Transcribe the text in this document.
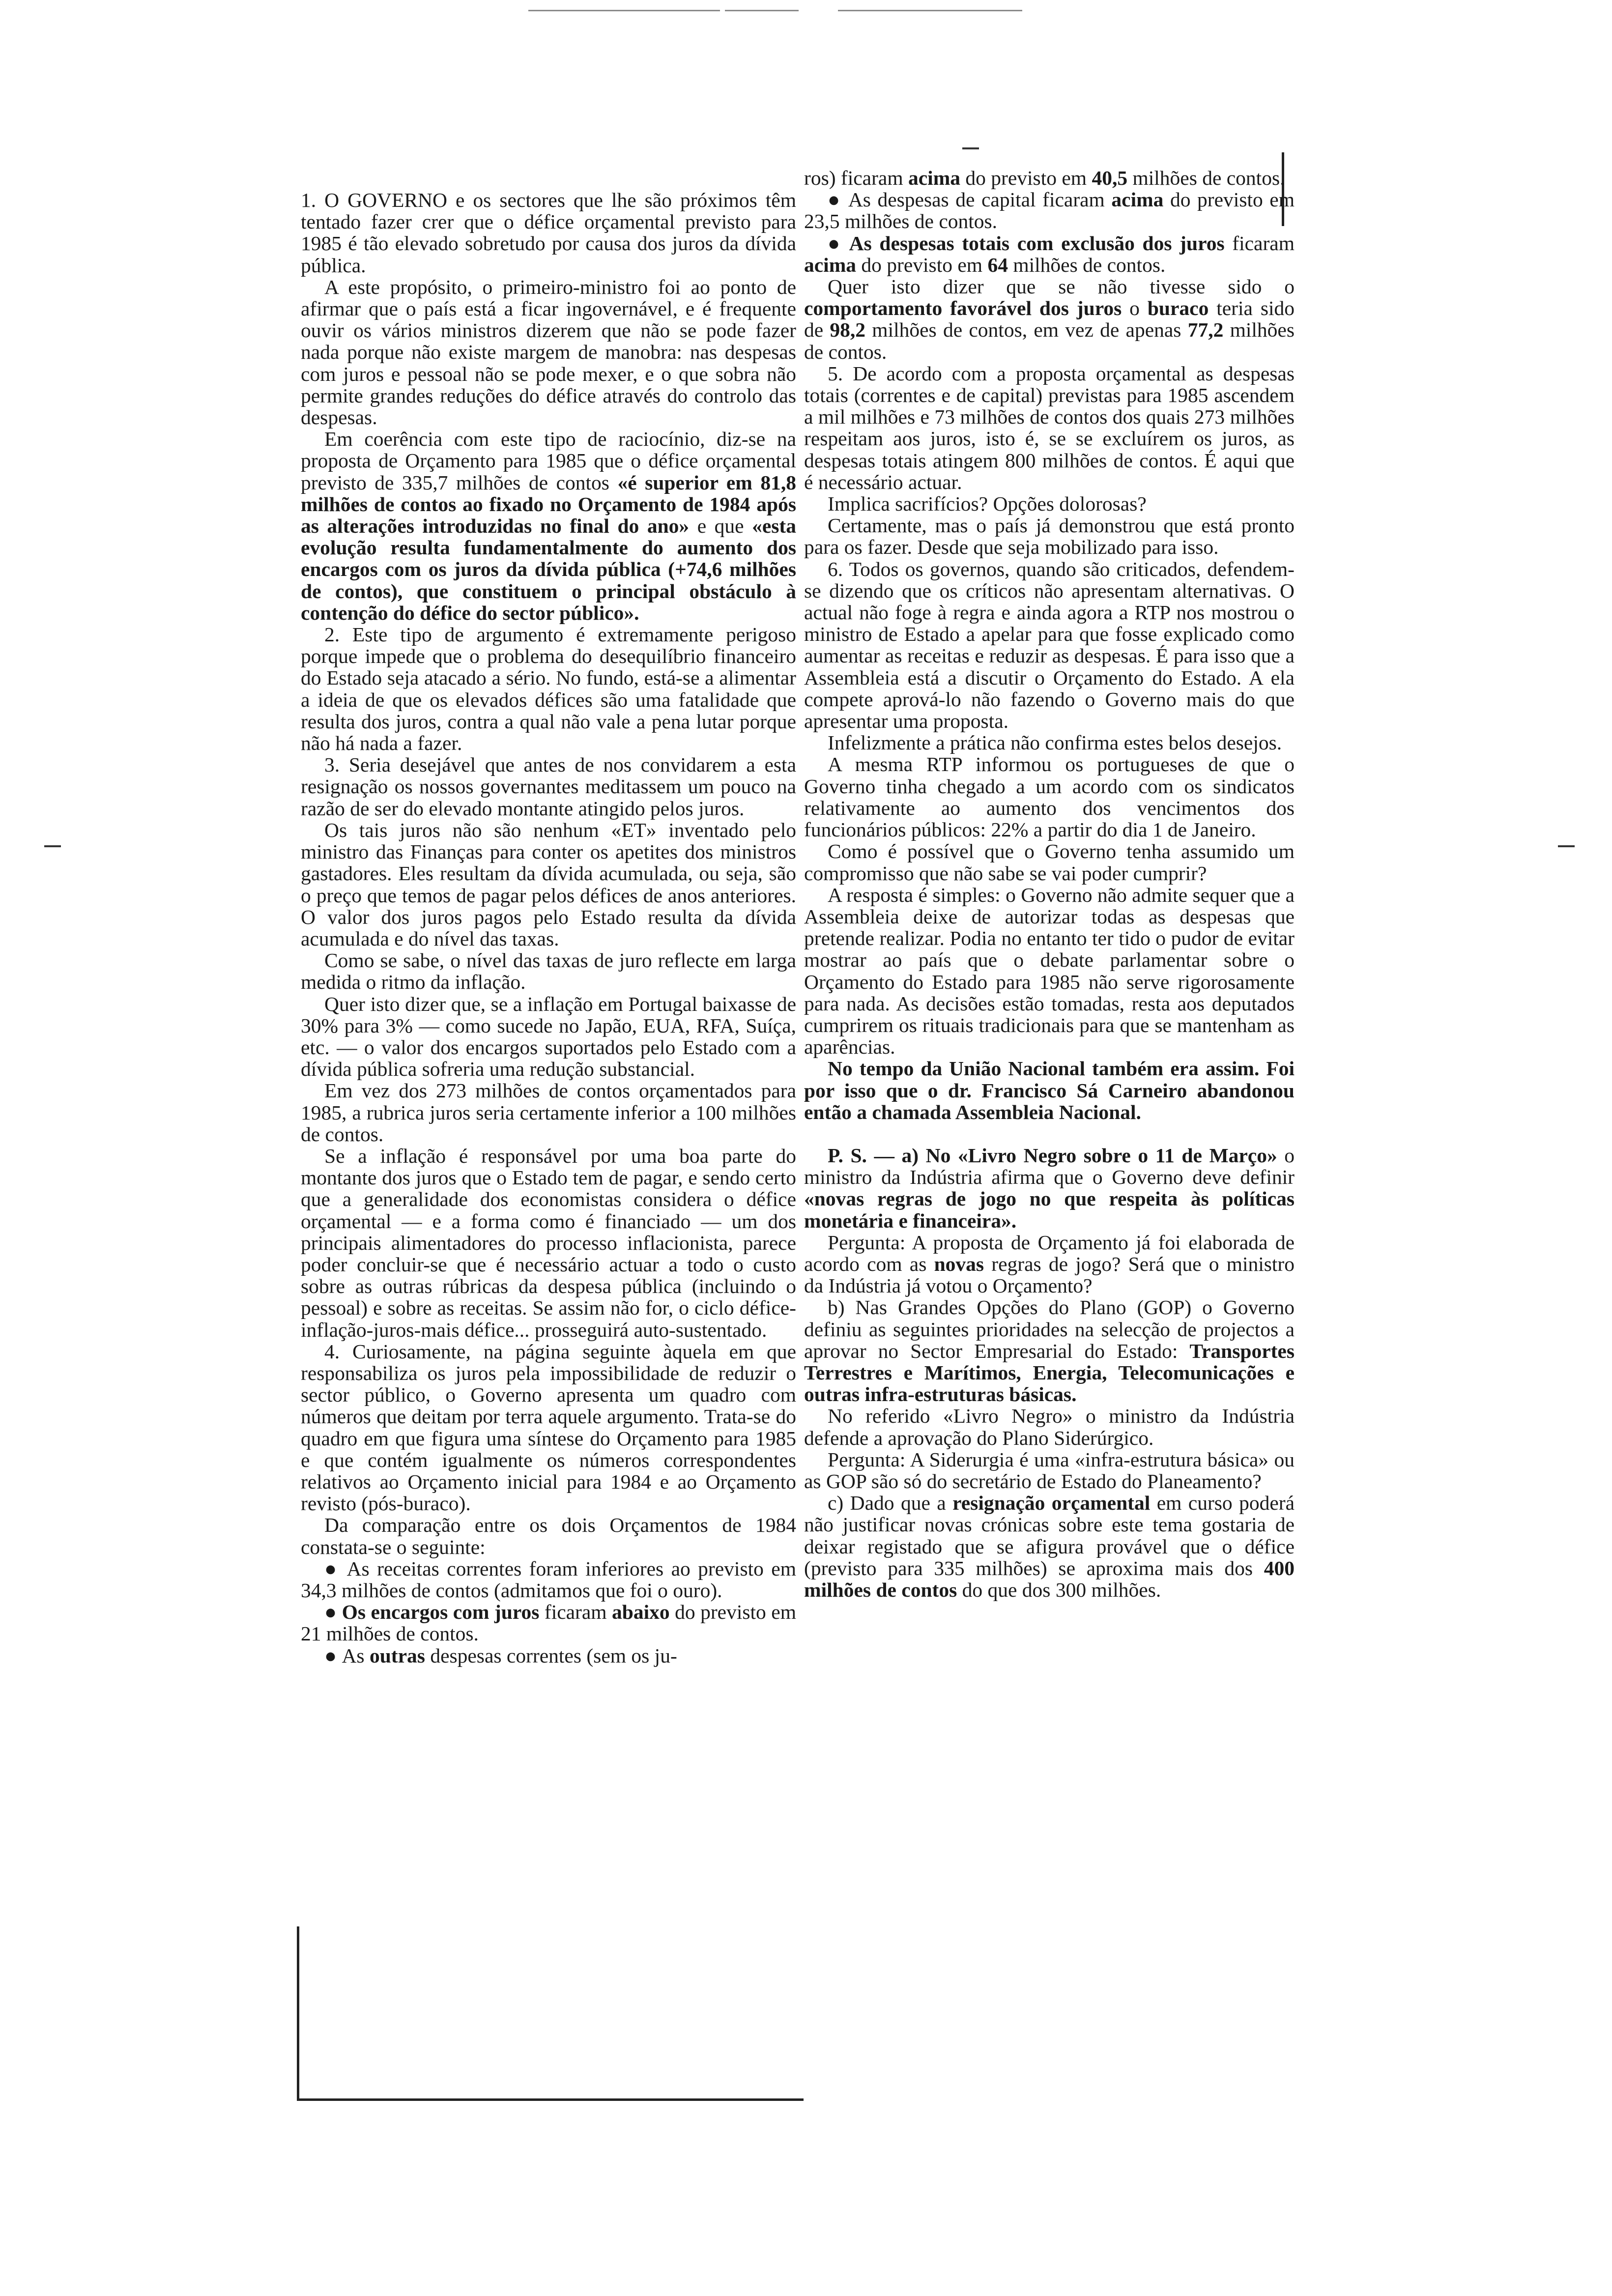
1. O GOVERNO e os sectores que lhe são próximos têm tentado fazer crer que o défice orçamental previsto para 1985 é tão elevado sobretudo por causa dos juros da dívida pública.

A este propósito, o primeiro-ministro foi ao ponto de afirmar que o país está a ficar ingovernável, e é frequente ouvir os vários ministros dizerem que não se pode fazer nada porque não existe margem de manobra: nas despesas com juros e pessoal não se pode mexer, e o que sobra não permite grandes reduções do défice através do controlo das despesas.

Em coerência com este tipo de raciocínio, diz-se na proposta de Orçamento para 1985 que o défice orçamental previsto de 335,7 milhões de contos «é superior em 81,8 milhões de contos ao fixado no Orçamento de 1984 após as alterações introduzidas no final do ano» e que «esta evolução resulta fundamentalmente do aumento dos encargos com os juros da dívida pública (+74,6 milhões de contos), que constituem o principal obstáculo à contenção do défice do sector público».

2. Este tipo de argumento é extremamente perigoso porque impede que o problema do desequilíbrio financeiro do Estado seja atacado a sério. No fundo, está-se a alimentar a ideia de que os elevados défices são uma fatalidade que resulta dos juros, contra a qual não vale a pena lutar porque não há nada a fazer.

3. Seria desejável que antes de nos convidarem a esta resignação os nossos governantes meditassem um pouco na razão de ser do elevado montante atingido pelos juros.

Os tais juros não são nenhum «ET» inventado pelo ministro das Finanças para conter os apetites dos ministros gastadores. Eles resultam da dívida acumulada, ou seja, são o preço que temos de pagar pelos défices de anos anteriores. O valor dos juros pagos pelo Estado resulta da dívida acumulada e do nível das taxas.

Como se sabe, o nível das taxas de juro reflecte em larga medida o ritmo da inflação.

Quer isto dizer que, se a inflação em Portugal baixasse de 30% para 3% — como sucede no Japão, EUA, RFA, Suíça, etc. — o valor dos encargos suportados pelo Estado com a dívida pública sofreria uma redução substancial.

Em vez dos 273 milhões de contos orçamentados para 1985, a rubrica juros seria certamente inferior a 100 milhões de contos.

Se a inflação é responsável por uma boa parte do montante dos juros que o Estado tem de pagar, e sendo certo que a generalidade dos economistas considera o défice orçamental — e a forma como é financiado — um dos principais alimentadores do processo inflacionista, parece poder concluir-se que é necessário actuar a todo o custo sobre as outras rúbricas da despesa pública (incluindo o pessoal) e sobre as receitas. Se assim não for, o ciclo défice-inflação-juros-mais défice... prosseguirá auto-sustentado.

4. Curiosamente, na página seguinte àquela em que responsabiliza os juros pela impossibilidade de reduzir o sector público, o Governo apresenta um quadro com números que deitam por terra aquele argumento. Trata-se do quadro em que figura uma síntese do Orçamento para 1985 e que contém igualmente os números correspondentes relativos ao Orçamento inicial para 1984 e ao Orçamento revisto (pós-buraco).

Da comparação entre os dois Orçamentos de 1984 constata-se o seguinte:

● As receitas correntes foram inferiores ao previsto em 34,3 milhões de contos (admitamos que foi o ouro).

● Os encargos com juros ficaram abaixo do previsto em 21 milhões de contos.

● As outras despesas correntes (sem os ju-

ros) ficaram acima do previsto em 40,5 milhões de contos.

● As despesas de capital ficaram acima do previsto em 23,5 milhões de contos.

● As despesas totais com exclusão dos juros ficaram acima do previsto em 64 milhões de contos.

Quer isto dizer que se não tivesse sido o comportamento favorável dos juros o buraco teria sido de 98,2 milhões de contos, em vez de apenas 77,2 milhões de contos.

5. De acordo com a proposta orçamental as despesas totais (correntes e de capital) previstas para 1985 ascendem a mil milhões e 73 milhões de contos dos quais 273 milhões respeitam aos juros, isto é, se se excluírem os juros, as despesas totais atingem 800 milhões de contos. É aqui que é necessário actuar.

Implica sacrifícios? Opções dolorosas?

Certamente, mas o país já demonstrou que está pronto para os fazer. Desde que seja mobilizado para isso.

6. Todos os governos, quando são criticados, defendem-se dizendo que os críticos não apresentam alternativas. O actual não foge à regra e ainda agora a RTP nos mostrou o ministro de Estado a apelar para que fosse explicado como aumentar as receitas e reduzir as despesas. É para isso que a Assembleia está a discutir o Orçamento do Estado. A ela compete aprová-lo não fazendo o Governo mais do que apresentar uma proposta.

Infelizmente a prática não confirma estes belos desejos.

A mesma RTP informou os portugueses de que o Governo tinha chegado a um acordo com os sindicatos relativamente ao aumento dos vencimentos dos funcionários públicos: 22% a partir do dia 1 de Janeiro.

Como é possível que o Governo tenha assumido um compromisso que não sabe se vai poder cumprir?

A resposta é simples: o Governo não admite sequer que a Assembleia deixe de autorizar todas as despesas que pretende realizar. Podia no entanto ter tido o pudor de evitar mostrar ao país que o debate parlamentar sobre o Orçamento do Estado para 1985 não serve rigorosamente para nada. As decisões estão tomadas, resta aos deputados cumprirem os rituais tradicionais para que se mantenham as aparências.

No tempo da União Nacional também era assim. Foi por isso que o dr. Francisco Sá Carneiro abandonou então a chamada Assembleia Nacional.

P. S. — a) No «Livro Negro sobre o 11 de Março» o ministro da Indústria afirma que o Governo deve definir «novas regras de jogo no que respeita às políticas monetária e financeira».

Pergunta: A proposta de Orçamento já foi elaborada de acordo com as novas regras de jogo? Será que o ministro da Indústria já votou o Orçamento?

b) Nas Grandes Opções do Plano (GOP) o Governo definiu as seguintes prioridades na selecção de projectos a aprovar no Sector Empresarial do Estado: Transportes Terrestres e Marítimos, Energia, Telecomunicações e outras infra-estruturas básicas.

No referido «Livro Negro» o ministro da Indústria defende a aprovação do Plano Siderúrgico.

Pergunta: A Siderurgia é uma «infra-estrutura básica» ou as GOP são só do secretário de Estado do Planeamento?

c) Dado que a resignação orçamental em curso poderá não justificar novas crónicas sobre este tema gostaria de deixar registado que se afigura provável que o défice (previsto para 335 milhões) se aproxima mais dos 400 milhões de contos do que dos 300 milhões.
